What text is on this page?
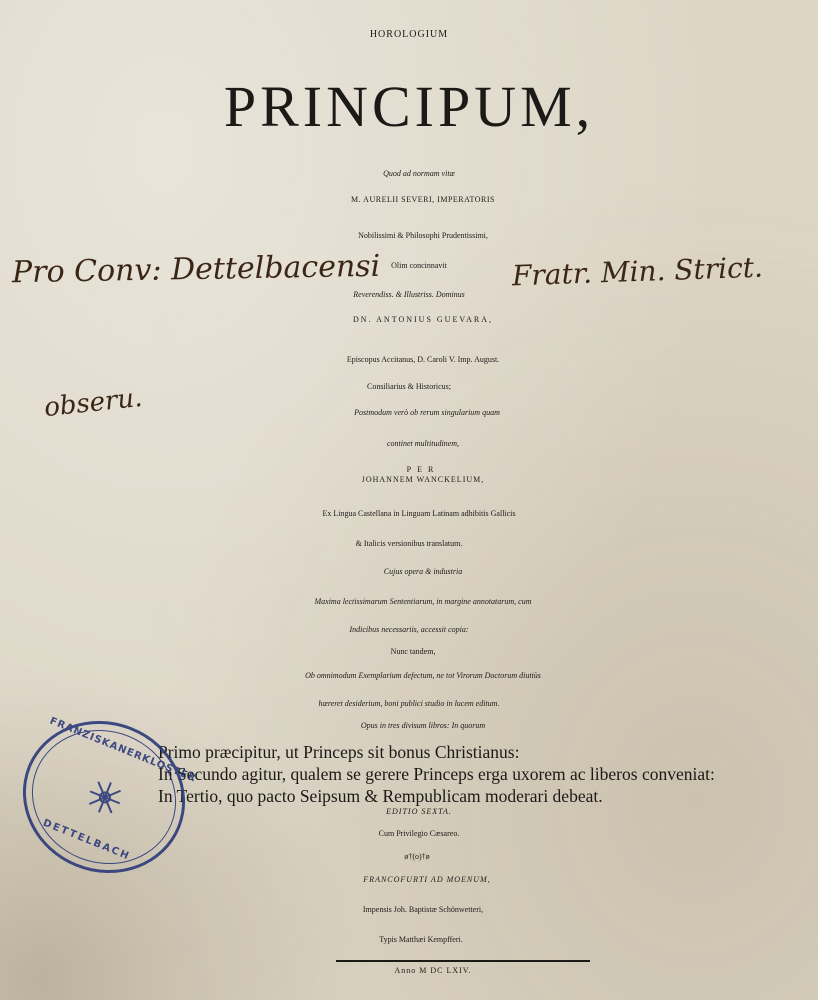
HOROLOGIUM
PRINCIPUM,
Quod ad normam vitæ
M. AURELII SEVERI, IMPERATORIS
Nobilissimi & Philosophi Prudentissimi,
Olim concinnavit
Reverendiss. & Illustriss. Dominus
DN. ANTONIUS GUEVARA,
Episcopus Accitanus, D. Caroli V. Imp. August.
Consiliarius & Historicus;
Postmodum verò ob rerum singularium quam
continet multitudinem,
PER
JOHANNEM WANCKELIUM,
Ex Lingua Castellana in Linguam Latinam adhibitis Gallicis
& Italicis versionibus translatum.
Cujus opera & industria
Maxima lectissimarum Sententiarum, in margine annotatarum, cum
Indicibus necessariis, accessit copia:
Nunc tandem,
Ob omnimodum Exemplarium defectum, ne tot Virorum Doctorum diutiùs
hæreret desiderium, boni publici studio in lucem editum.
Opus in tres divisum libros: In quorum
Primo præcipitur, ut Princeps sit bonus Christianus:
In Secundo agitur, qualem se gerere Princeps erga uxorem ac liberos conveniat:
In Tertio, quo pacto Seipsum & Rempublicam moderari debeat.
EDITIO SEXTA.
Cum Privilegio Cæsareo.
ø†(o)†ø
FRANCOFURTI AD MOENUM,
Impensis Joh. Baptistæ Schönwetteri,
Typis Matthæi Kempfferi.
Anno M DC LXIV.
Pro Conv: Dettelbacensi	Fratr. Min. Strict.
obseru.
FRANZISKANERKLOSTER
DETTELBACH
